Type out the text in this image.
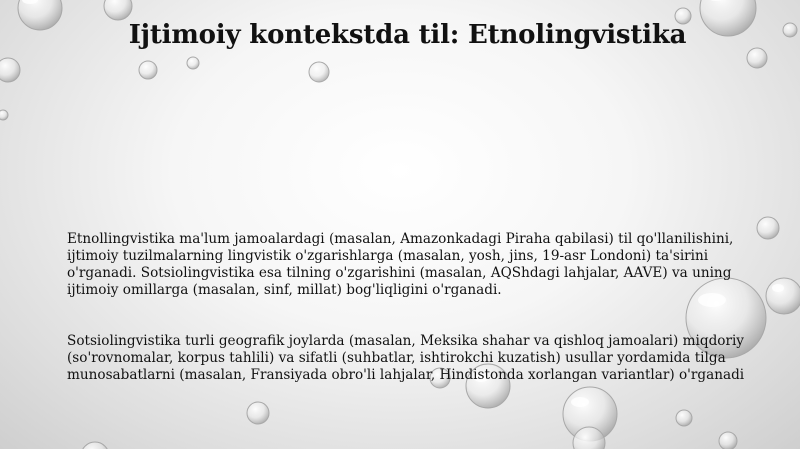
Ijtimoiy kontekstda til: Etnolingvistika

Etnollingvistika ma'lum jamoalardagi (masalan, Amazonkadagi Piraha qabilasi) til qo'llanilishini, ijtimoiy tuzilmalarning lingvistik o'zgarishlarga (masalan, yosh, jins, 19-asr Londoni) ta'sirini o'rganadi. Sotsiolingvistika esa tilning o'zgarishini (masalan, AQShdagi lahjalar, AAVE) va uning ijtimoiy omillarga (masalan, sinf, millat) bog'liqligini o'rganadi.

Sotsiolingvistika turli geografik joylarda (masalan, Meksika shahar va qishloq jamoalari) miqdoriy (so'rovnomalar, korpus tahlili) va sifatli (suhbatlar, ishtirokchi kuzatish) usullar yordamida tilga munosabatlarni (masalan, Fransiyada obro'li lahjalar, Hindistonda xorlangan variantlar) o'rganadi
